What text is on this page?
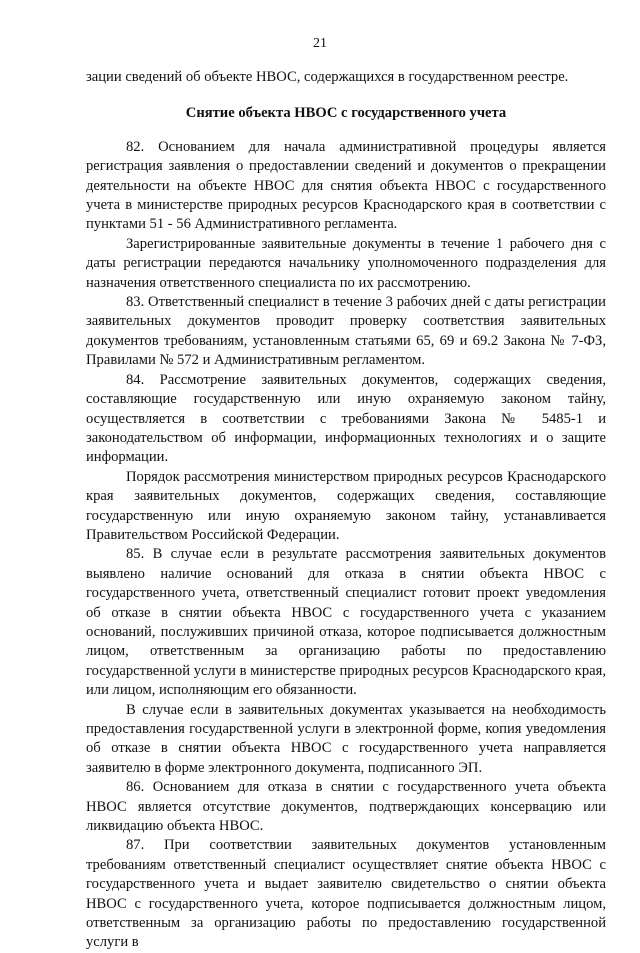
21

зации сведений об объекте НВОС, содержащихся в государственном реестре.

Снятие объекта НВОС с государственного учета

82. Основанием для начала административной процедуры является регистрация заявления о предоставлении сведений и документов о прекращении деятельности на объекте НВОС для снятия объекта НВОС с государственного учета в министерстве природных ресурсов Краснодарского края в соответствии с пунктами 51 - 56 Административного регламента.

Зарегистрированные заявительные документы в течение 1 рабочего дня с даты регистрации передаются начальнику уполномоченного подразделения для назначения ответственного специалиста по их рассмотрению.

83. Ответственный специалист в течение 3 рабочих дней с даты регистрации заявительных документов проводит проверку соответствия заявительных документов требованиям, установленным статьями 65, 69 и 69.2 Закона № 7-ФЗ, Правилами № 572 и Административным регламентом.

84. Рассмотрение заявительных документов, содержащих сведения, составляющие государственную или иную охраняемую законом тайну, осуществляется в соответствии с требованиями Закона № 5485-1 и законодательством об информации, информационных технологиях и о защите информации.

Порядок рассмотрения министерством природных ресурсов Краснодарского края заявительных документов, содержащих сведения, составляющие государственную или иную охраняемую законом тайну, устанавливается Правительством Российской Федерации.

85. В случае если в результате рассмотрения заявительных документов выявлено наличие оснований для отказа в снятии объекта НВОС с государственного учета, ответственный специалист готовит проект уведомления об отказе в снятии объекта НВОС с государственного учета с указанием оснований, послуживших причиной отказа, которое подписывается должностным лицом, ответственным за организацию работы по предоставлению государственной услуги в министерстве природных ресурсов Краснодарского края, или лицом, исполняющим его обязанности.

В случае если в заявительных документах указывается на необходимость предоставления государственной услуги в электронной форме, копия уведомления об отказе в снятии объекта НВОС с государственного учета направляется заявителю в форме электронного документа, подписанного ЭП.

86. Основанием для отказа в снятии с государственного учета объекта НВОС является отсутствие документов, подтверждающих консервацию или ликвидацию объекта НВОС.

87. При соответствии заявительных документов установленным требованиям ответственный специалист осуществляет снятие объекта НВОС с государственного учета и выдает заявителю свидетельство о снятии объекта НВОС с государственного учета, которое подписывается должностным лицом, ответственным за организацию работы по предоставлению государственной услуги в
